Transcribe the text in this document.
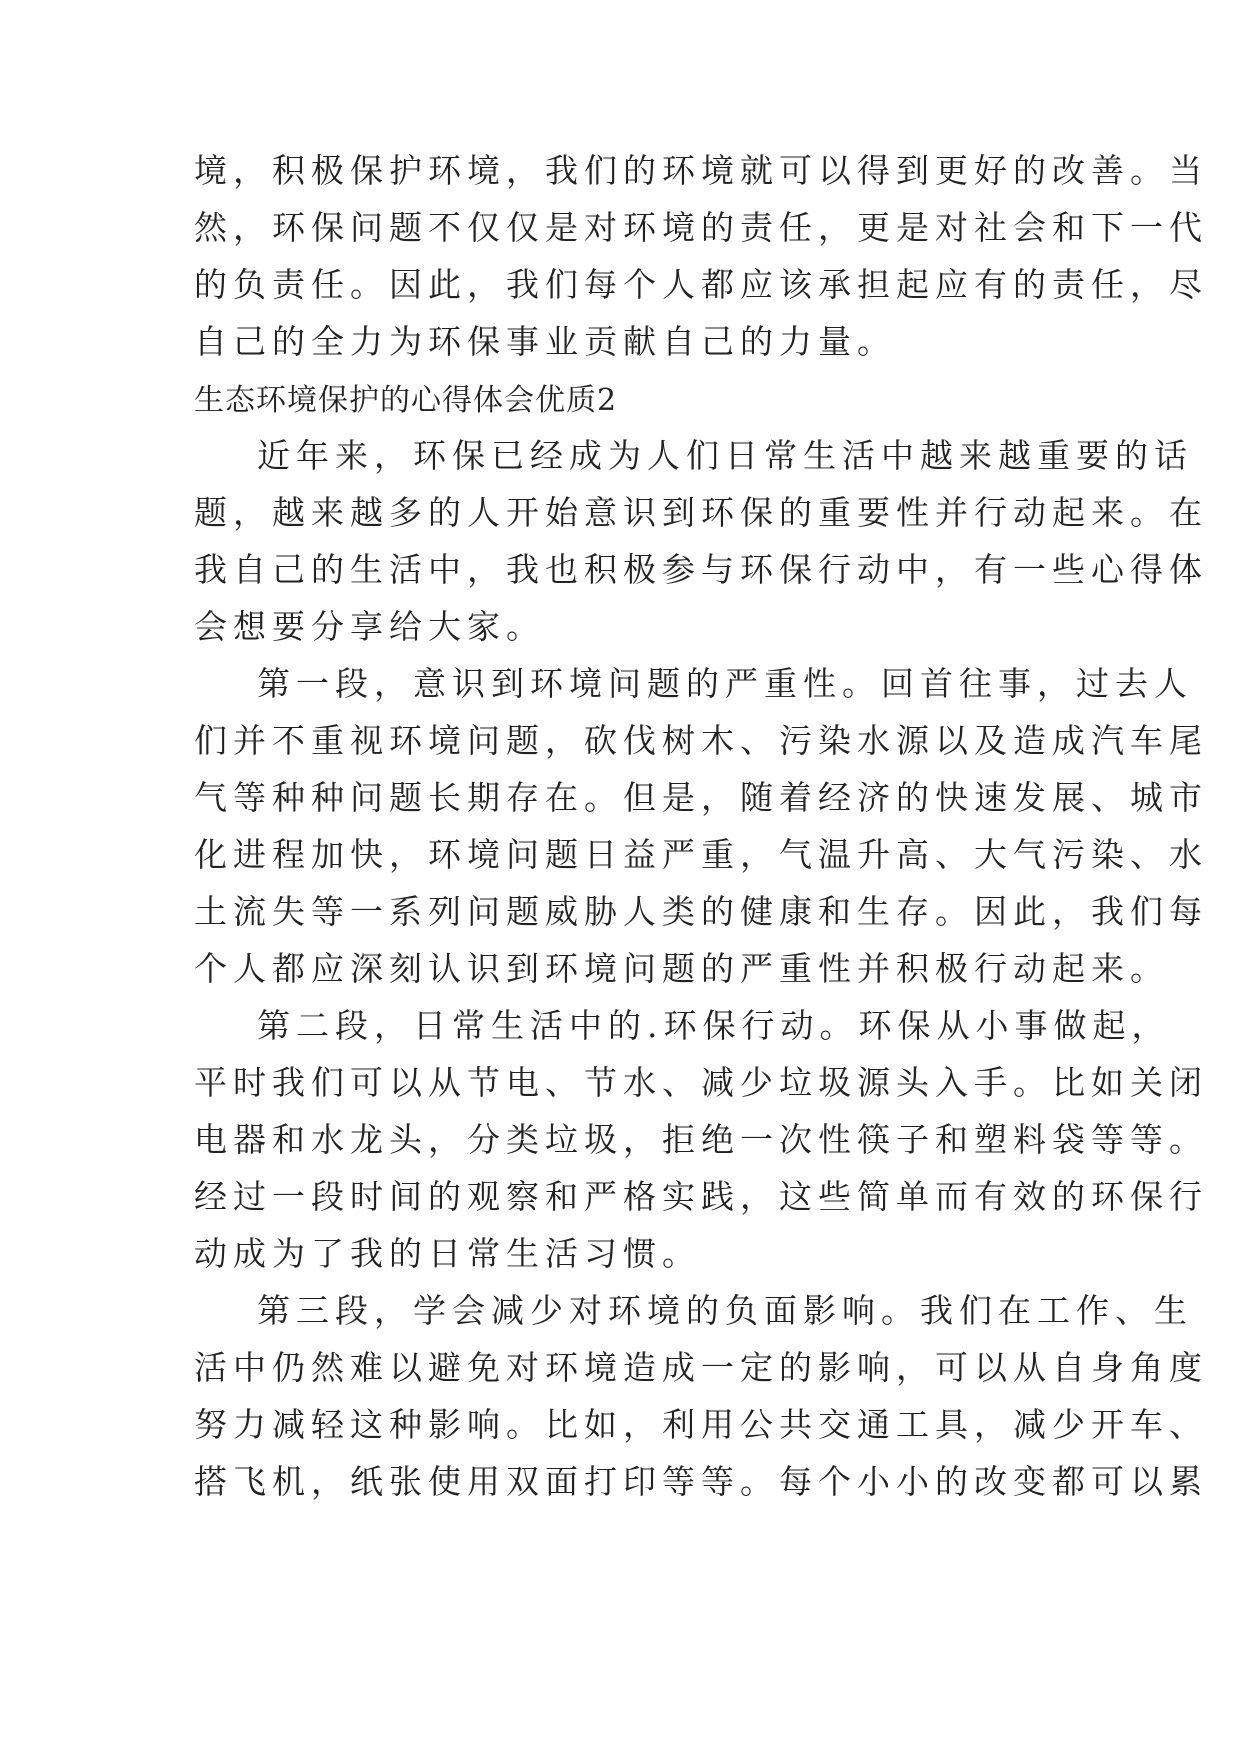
境，积极保护环境，我们的环境就可以得到更好的改善。当
然，环保问题不仅仅是对环境的责任，更是对社会和下一代
的负责任。因此，我们每个人都应该承担起应有的责任，尽
自己的全力为环保事业贡献自己的力量。
生态环境保护的心得体会优质2
近年来，环保已经成为人们日常生活中越来越重要的话
题，越来越多的人开始意识到环保的重要性并行动起来。在
我自己的生活中，我也积极参与环保行动中，有一些心得体
会想要分享给大家。
第一段，意识到环境问题的严重性。回首往事，过去人
们并不重视环境问题，砍伐树木、污染水源以及造成汽车尾
气等种种问题长期存在。但是，随着经济的快速发展、城市
化进程加快，环境问题日益严重，气温升高、大气污染、水
土流失等一系列问题威胁人类的健康和生存。因此，我们每
个人都应深刻认识到环境问题的严重性并积极行动起来。
第二段，日常生活中的.环保行动。环保从小事做起，
平时我们可以从节电、节水、减少垃圾源头入手。比如关闭
电器和水龙头，分类垃圾，拒绝一次性筷子和塑料袋等等。
经过一段时间的观察和严格实践，这些简单而有效的环保行
动成为了我的日常生活习惯。
第三段，学会减少对环境的负面影响。我们在工作、生
活中仍然难以避免对环境造成一定的影响，可以从自身角度
努力减轻这种影响。比如，利用公共交通工具，减少开车、
搭飞机，纸张使用双面打印等等。每个小小的改变都可以累
